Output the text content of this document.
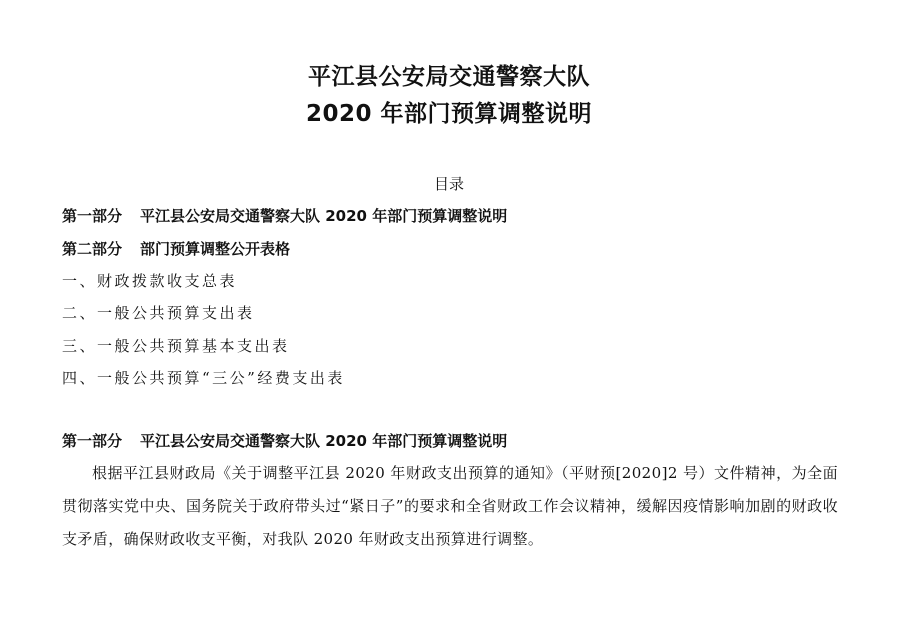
平江县公安局交通警察大队
2020 年部门预算调整说明
目录
第一部分 平江县公安局交通警察大队 2020 年部门预算调整说明
第二部分 部门预算调整公开表格
一、财政拨款收支总表
二、一般公共预算支出表
三、一般公共预算基本支出表
四、一般公共预算“三公”经费支出表
第一部分 平江县公安局交通警察大队 2020 年部门预算调整说明
根据平江县财政局《关于调整平江县 2020 年财政支出预算的通知》（平财预[2020]2 号）文件精神，为全面贯彻落实党中央、国务院关于政府带头过“紧日子”的要求和全省财政工作会议精神，缓解因疫情影响加剧的财政收支矛盾，确保财政收支平衡，对我队 2020 年财政支出预算进行调整。
